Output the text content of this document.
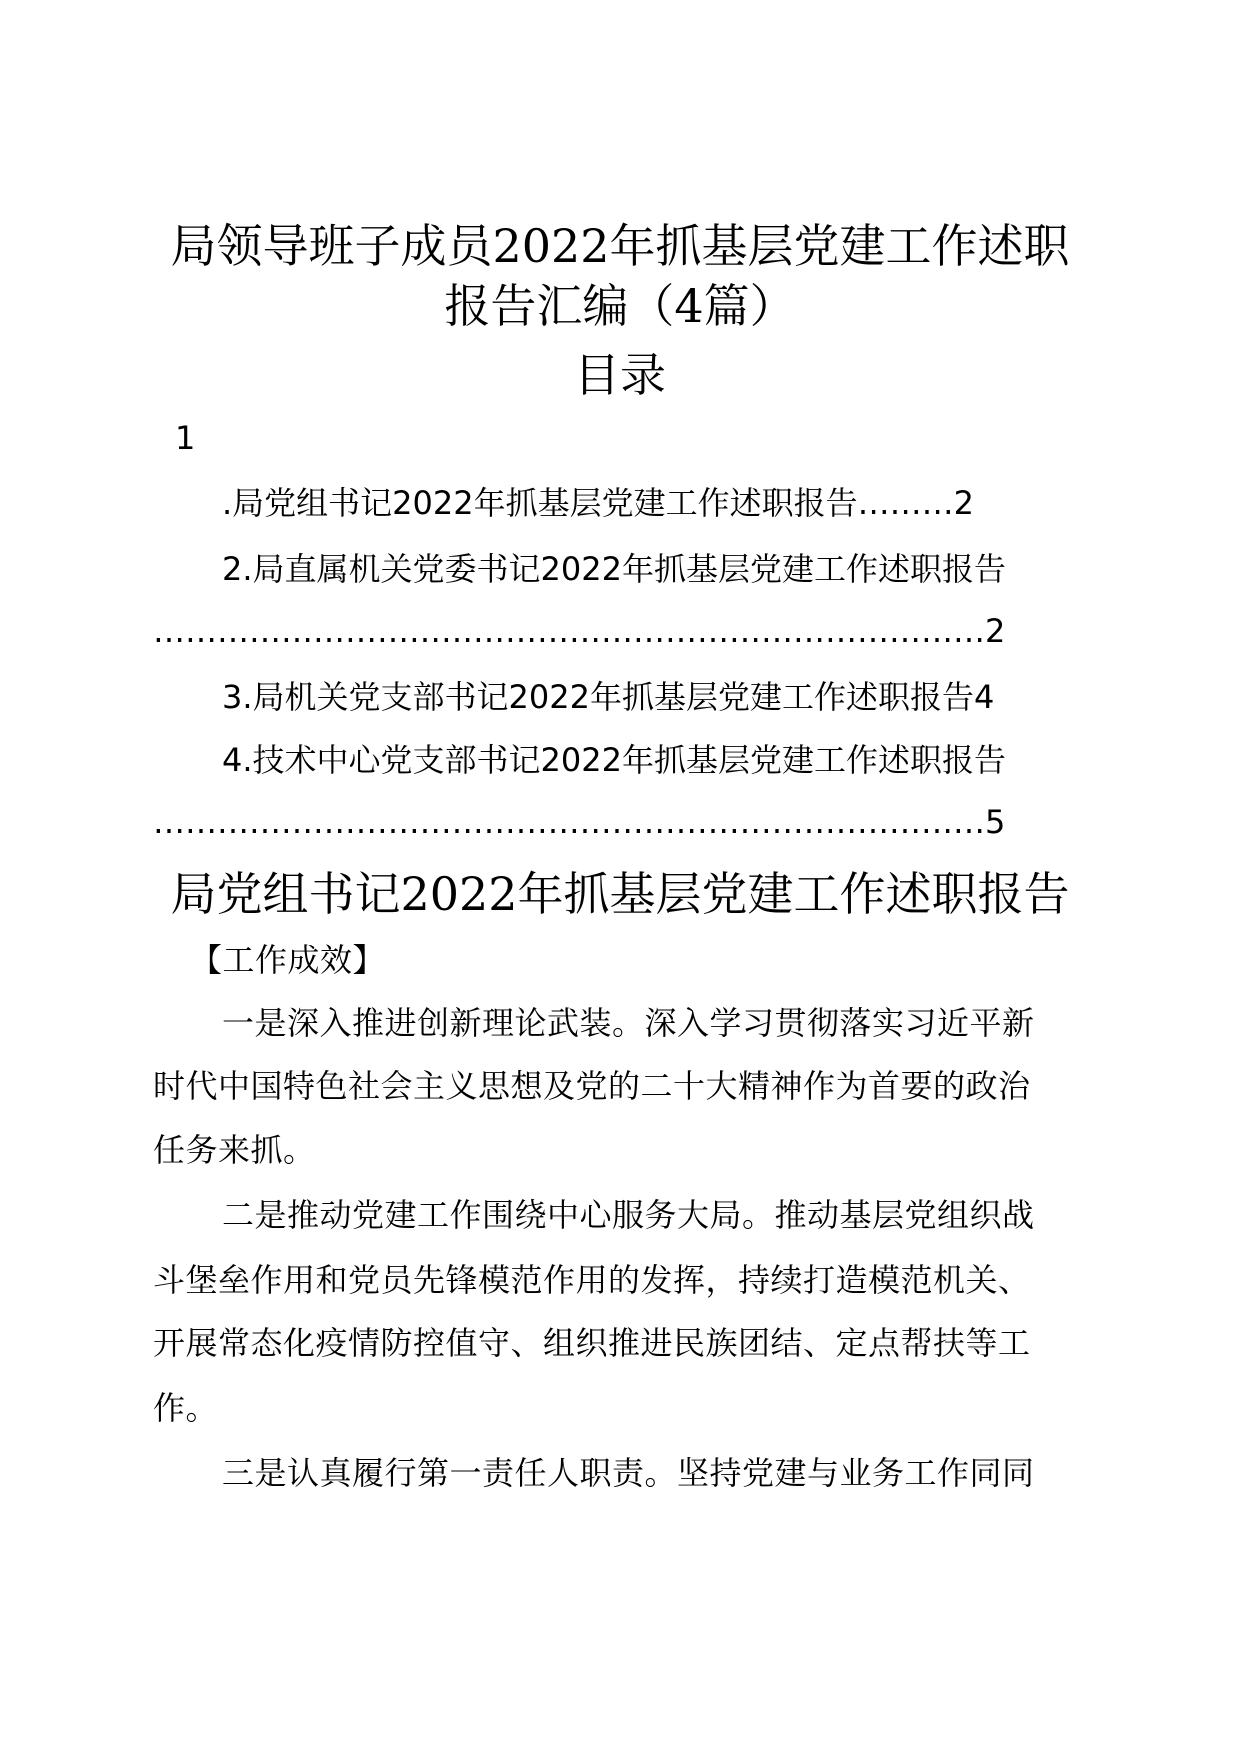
局领导班子成员2022年抓基层党建工作述职
报告汇编（4篇）
目录
1
.局党组书记2022年抓基层党建工作述职报告………2
2.局直属机关党委书记2022年抓基层党建工作述职报告
……………………………………………………………………2
3.局机关党支部书记2022年抓基层党建工作述职报告4
4.技术中心党支部书记2022年抓基层党建工作述职报告
……………………………………………………………………5
局党组书记2022年抓基层党建工作述职报告
【工作成效】
一是深入推进创新理论武装。深入学习贯彻落实习近平新
时代中国特色社会主义思想及党的二十大精神作为首要的政治
任务来抓。
二是推动党建工作围绕中心服务大局。推动基层党组织战
斗堡垒作用和党员先锋模范作用的发挥，持续打造模范机关、
开展常态化疫情防控值守、组织推进民族团结、定点帮扶等工
作。
三是认真履行第一责任人职责。坚持党建与业务工作同同
